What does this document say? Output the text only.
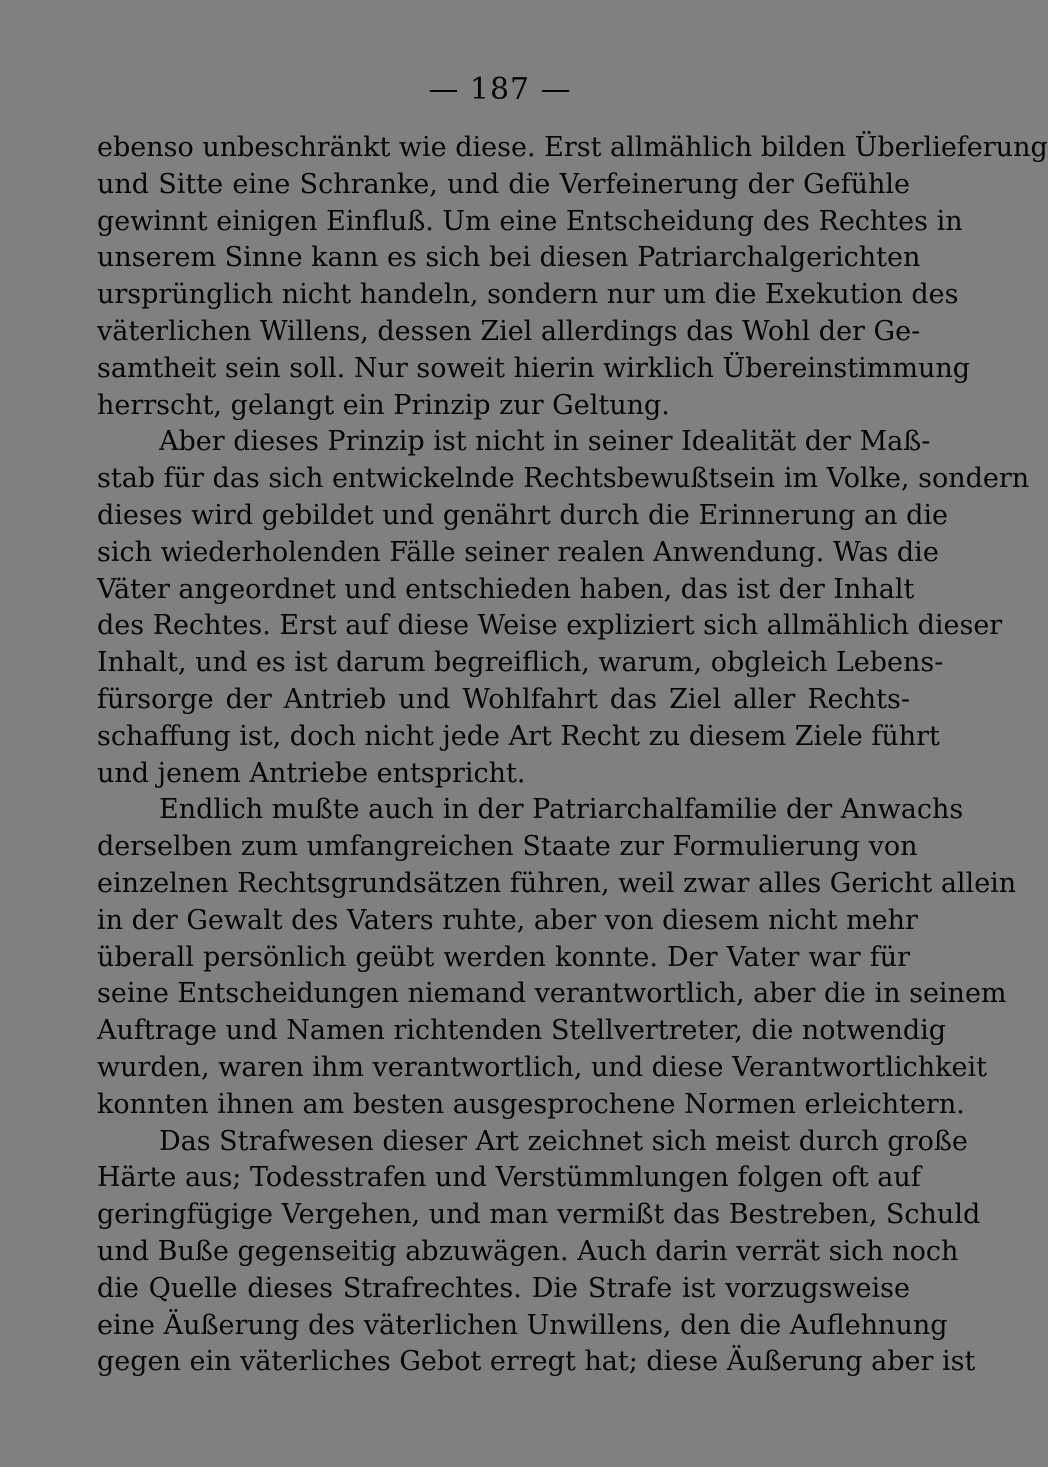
— 187 —
ebenso unbeschränkt wie diese. Erst allmählich bilden Überlieferung
und Sitte eine Schranke, und die Verfeinerung der Gefühle
gewinnt einigen Einfluß. Um eine Entscheidung des Rechtes in
unserem Sinne kann es sich bei diesen Patriarchalgerichten
ursprünglich nicht handeln, sondern nur um die Exekution des
väterlichen Willens, dessen Ziel allerdings das Wohl der Ge-
samtheit sein soll. Nur soweit hierin wirklich Übereinstimmung
herrscht, gelangt ein Prinzip zur Geltung.
Aber dieses Prinzip ist nicht in seiner Idealität der Maß-
stab für das sich entwickelnde Rechtsbewußtsein im Volke, sondern
dieses wird gebildet und genährt durch die Erinnerung an die
sich wiederholenden Fälle seiner realen Anwendung. Was die
Väter angeordnet und entschieden haben, das ist der Inhalt
des Rechtes. Erst auf diese Weise expliziert sich allmählich dieser
Inhalt, und es ist darum begreiflich, warum, obgleich Lebens-
fürsorge der Antrieb und Wohlfahrt das Ziel aller Rechts-
schaffung ist, doch nicht jede Art Recht zu diesem Ziele führt
und jenem Antriebe entspricht.
Endlich mußte auch in der Patriarchalfamilie der Anwachs
derselben zum umfangreichen Staate zur Formulierung von
einzelnen Rechtsgrundsätzen führen, weil zwar alles Gericht allein
in der Gewalt des Vaters ruhte, aber von diesem nicht mehr
überall persönlich geübt werden konnte. Der Vater war für
seine Entscheidungen niemand verantwortlich, aber die in seinem
Auftrage und Namen richtenden Stellvertreter, die notwendig
wurden, waren ihm verantwortlich, und diese Verantwortlichkeit
konnten ihnen am besten ausgesprochene Normen erleichtern.
Das Strafwesen dieser Art zeichnet sich meist durch große
Härte aus; Todesstrafen und Verstümmlungen folgen oft auf
geringfügige Vergehen, und man vermißt das Bestreben, Schuld
und Buße gegenseitig abzuwägen. Auch darin verrät sich noch
die Quelle dieses Strafrechtes. Die Strafe ist vorzugsweise
eine Äußerung des väterlichen Unwillens, den die Auflehnung
gegen ein väterliches Gebot erregt hat; diese Äußerung aber ist
